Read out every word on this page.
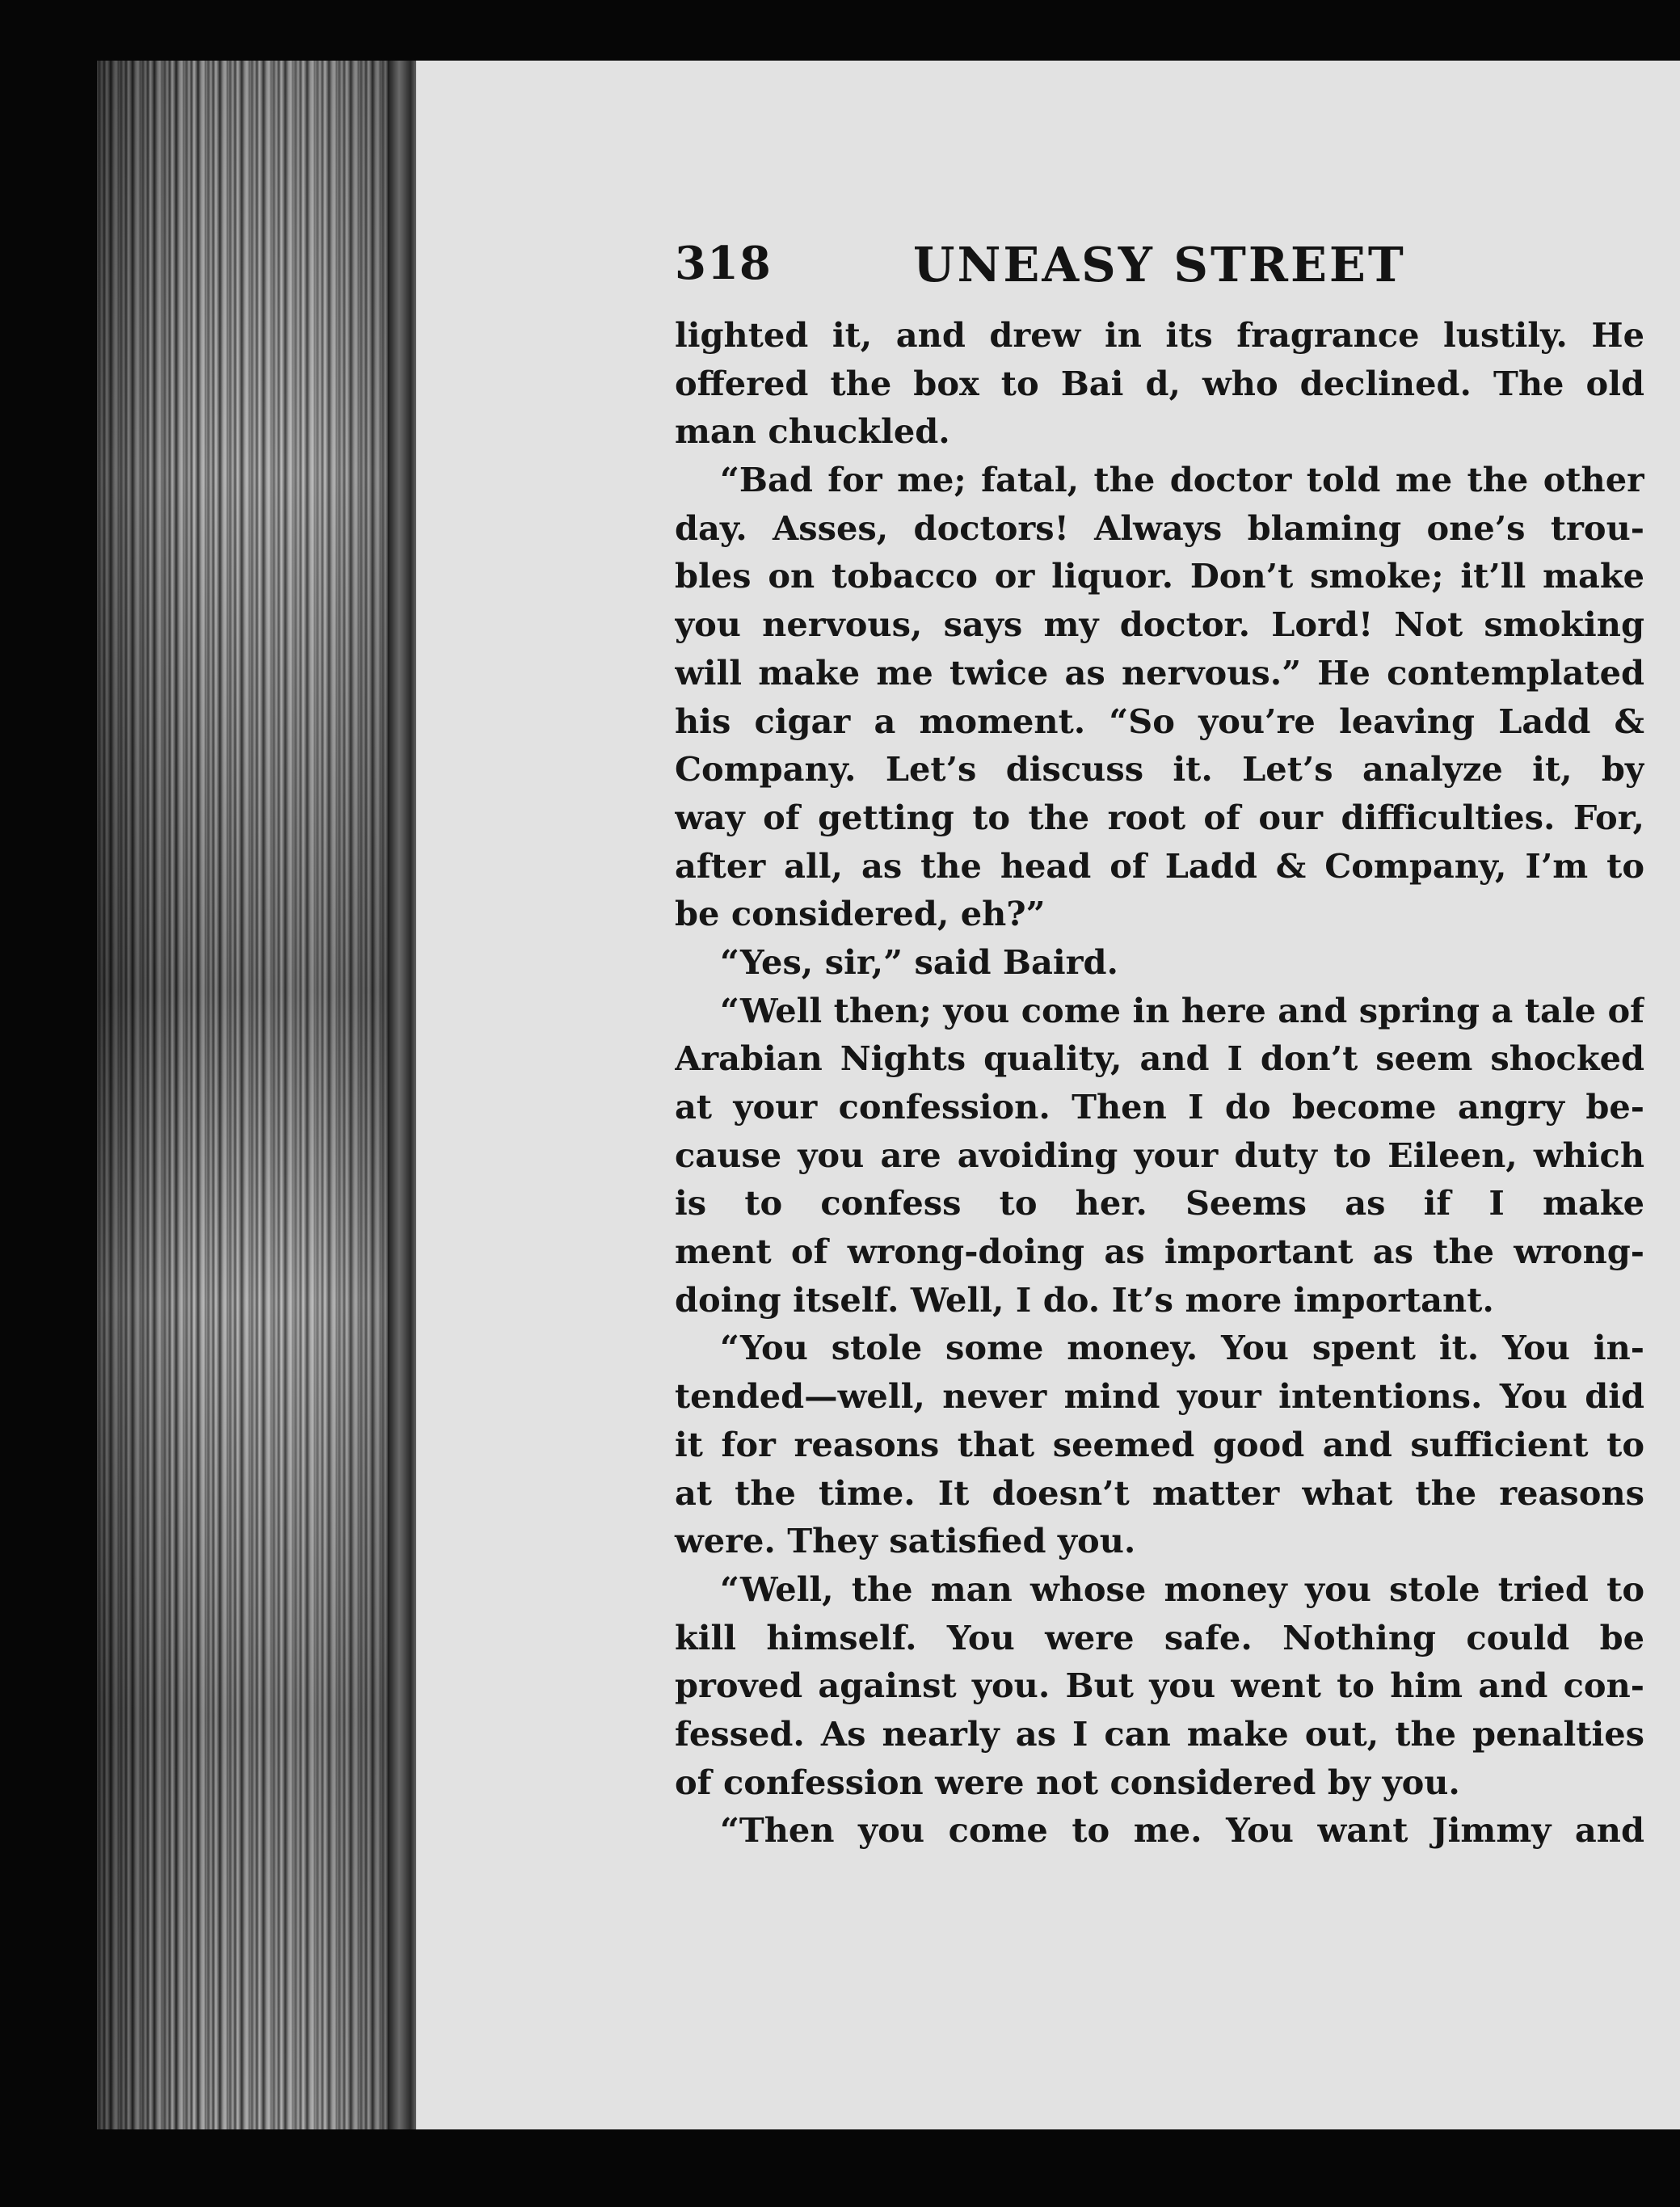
318	UNEASY STREET
lighted it, and drew in its fragrance lustily. He
offered the box to Bai d, who declined. The old
man chuckled.
“Bad for me; fatal, the doctor told me the other
day. Asses, doctors! Always blaming one’s trou-
bles on tobacco or liquor. Don’t smoke; it’ll make
you nervous, says my doctor. Lord! Not smoking
will make me twice as nervous.” He contemplated
his cigar a moment. “So you’re leaving Ladd &
Company. Let’s discuss it. Let’s analyze it, by
way of getting to the root of our difficulties. For,
after all, as the head of Ladd & Company, I’m to
be considered, eh?”
“Yes, sir,” said Baird.
“Well then; you come in here and spring a tale of
Arabian Nights quality, and I don’t seem shocked
at your confession. Then I do become angry be-
cause you are avoiding your duty to Eileen, which
is to confess to her. Seems as if I make
ment of wrong-doing as important as the wrong-
doing itself. Well, I do. It’s more important.
“You stole some money. You spent it. You in-
tended—well, never mind your intentions. You did
it for reasons that seemed good and sufficient to
at the time. It doesn’t matter what the reasons
were. They satisfied you.
“Well, the man whose money you stole tried to
kill himself. You were safe. Nothing could be
proved against you. But you went to him and con-
fessed. As nearly as I can make out, the penalties
of confession were not considered by you.
“Then you come to me. You want Jimmy and
